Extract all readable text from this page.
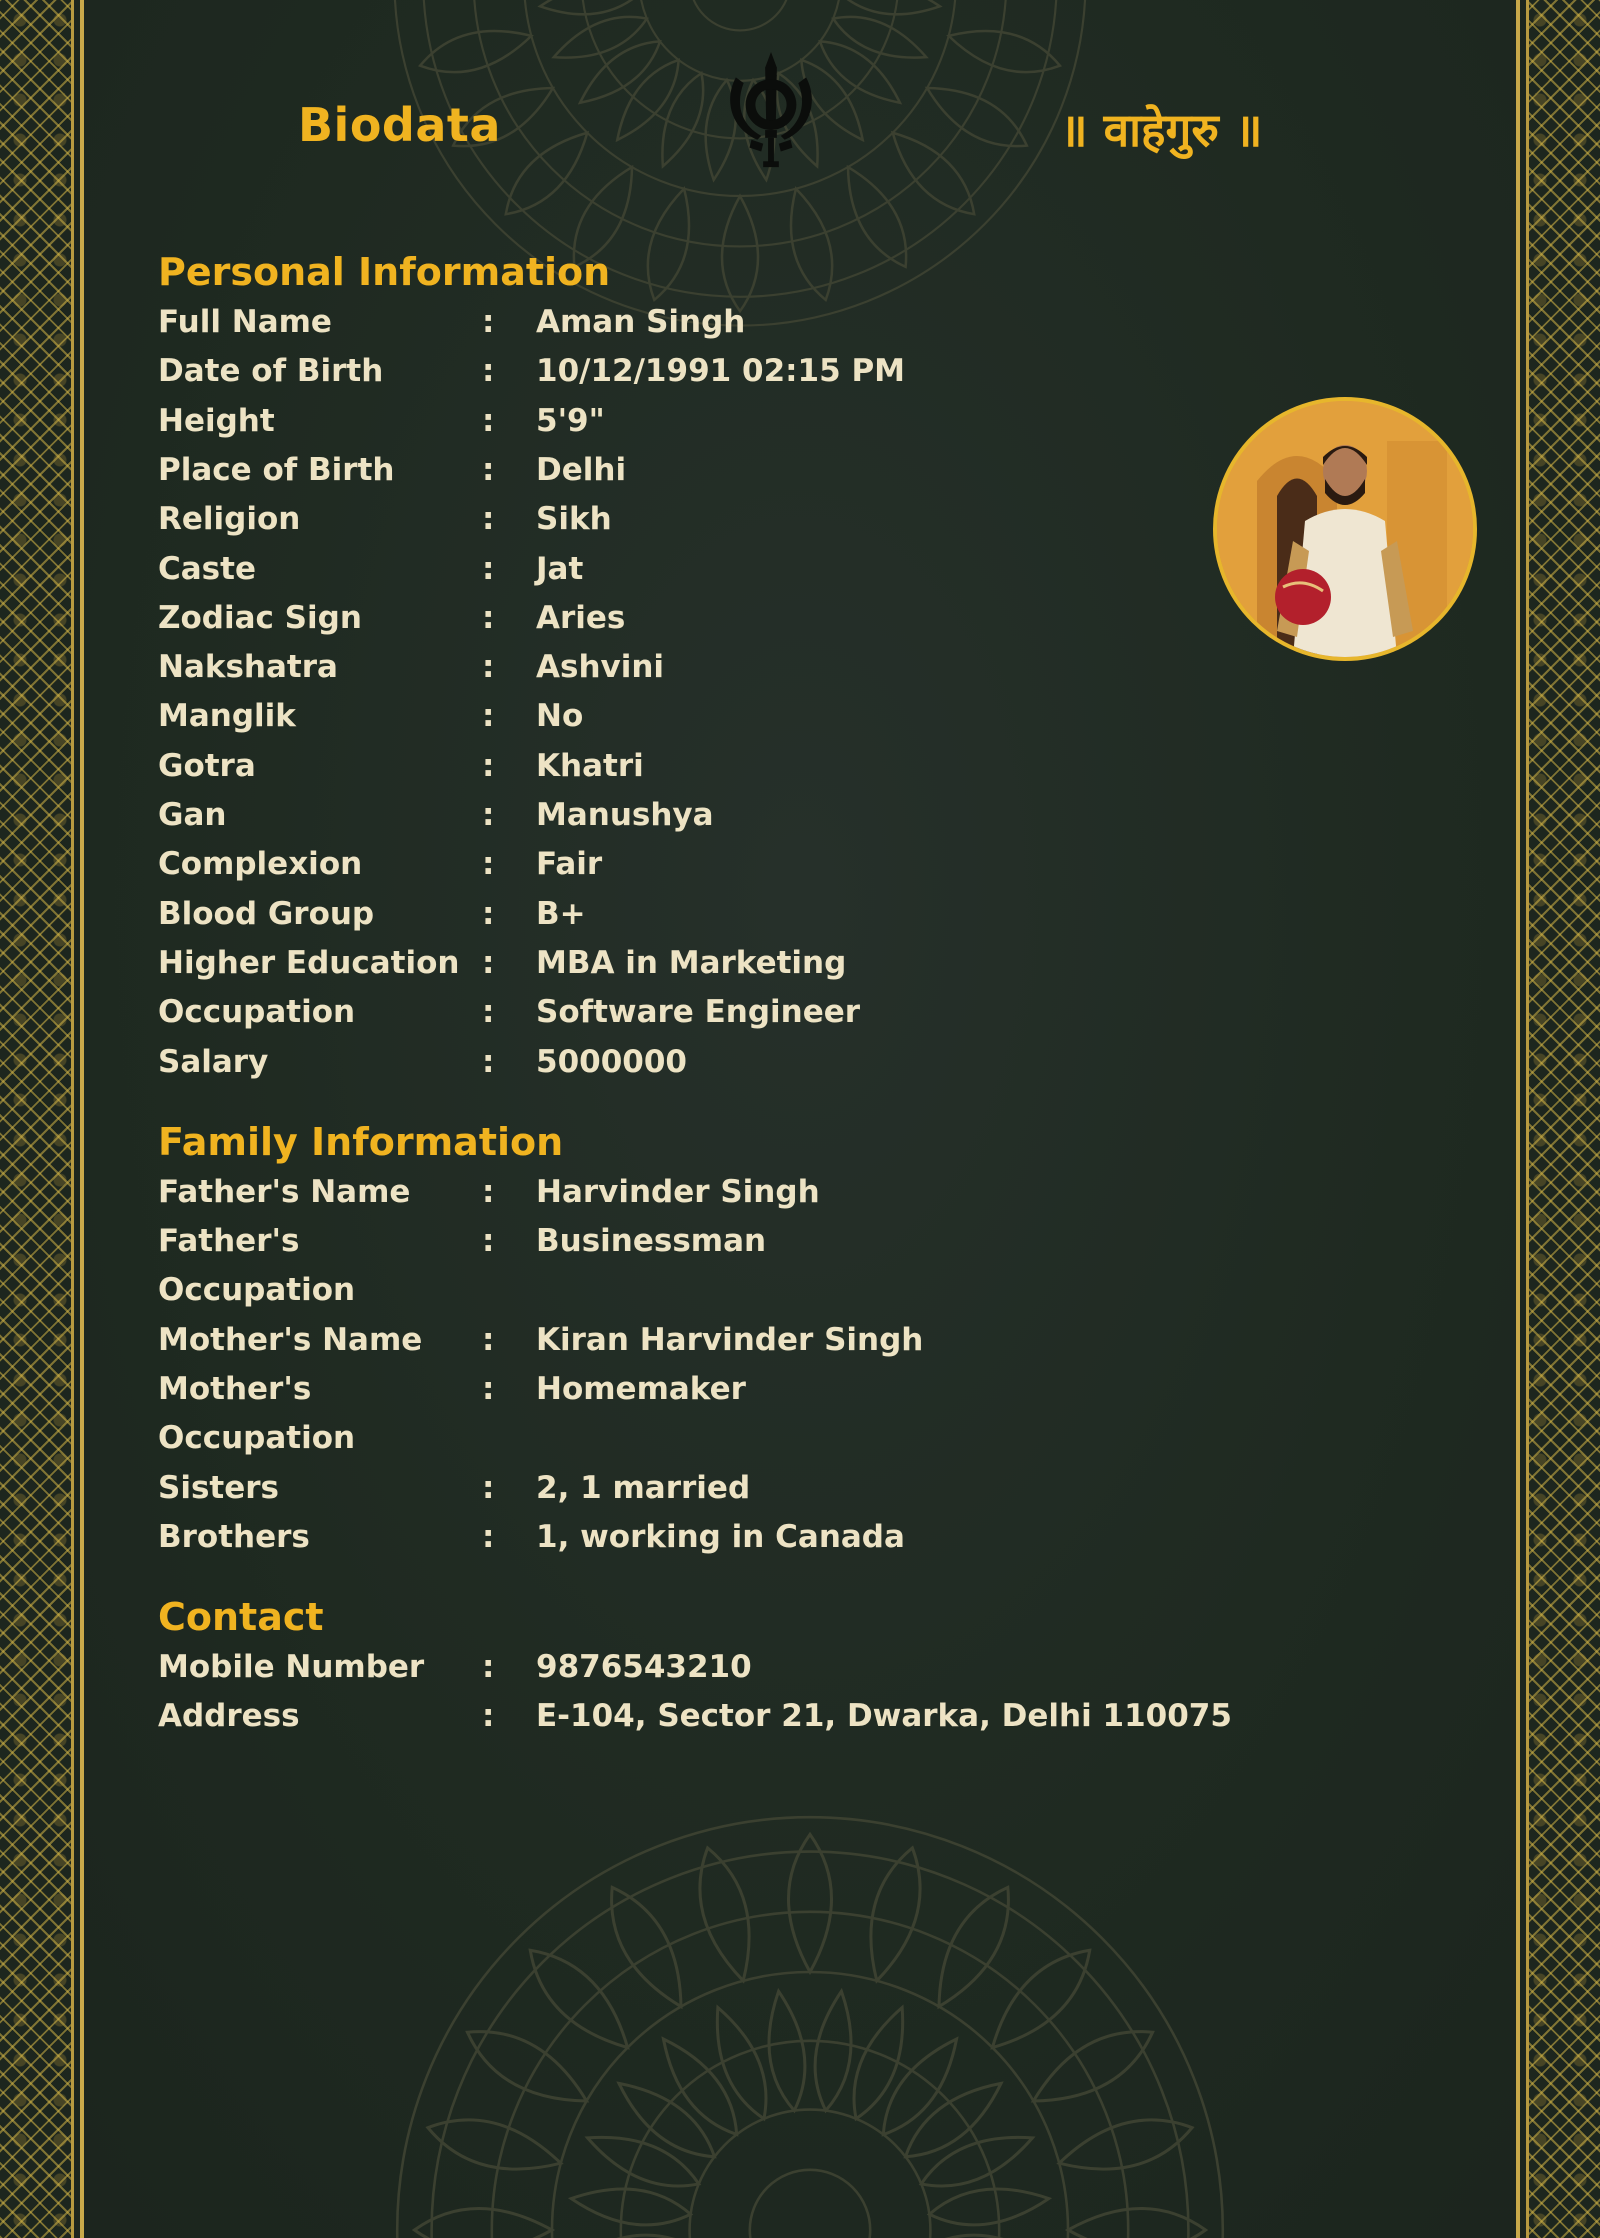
Biodata	॥ वाहेगुरु ॥
Personal Information
Full Name	: Aman Singh
Date of Birth	: 10/12/1991 02:15 PM
Height	: 5'9"
Place of Birth	: Delhi
Religion	: Sikh
Caste	: Jat
Zodiac Sign	: Aries
Nakshatra	: Ashvini
Manglik	: No
Gotra	: Khatri
Gan	: Manushya
Complexion	: Fair
Blood Group	: B+
Higher Education : MBA in Marketing
Occupation	: Software Engineer
Salary	: 5000000
Family Information
Father's Name	: Harvinder Singh
Father's	: Businessman
Occupation
Mother's Name	: Kiran Harvinder Singh
Mother's	: Homemaker
Occupation
Sisters	: 2, 1 married
Brothers	: 1, working in Canada
Contact
Mobile Number	: 9876543210
Address	: E-104, Sector 21, Dwarka, Delhi 110075
